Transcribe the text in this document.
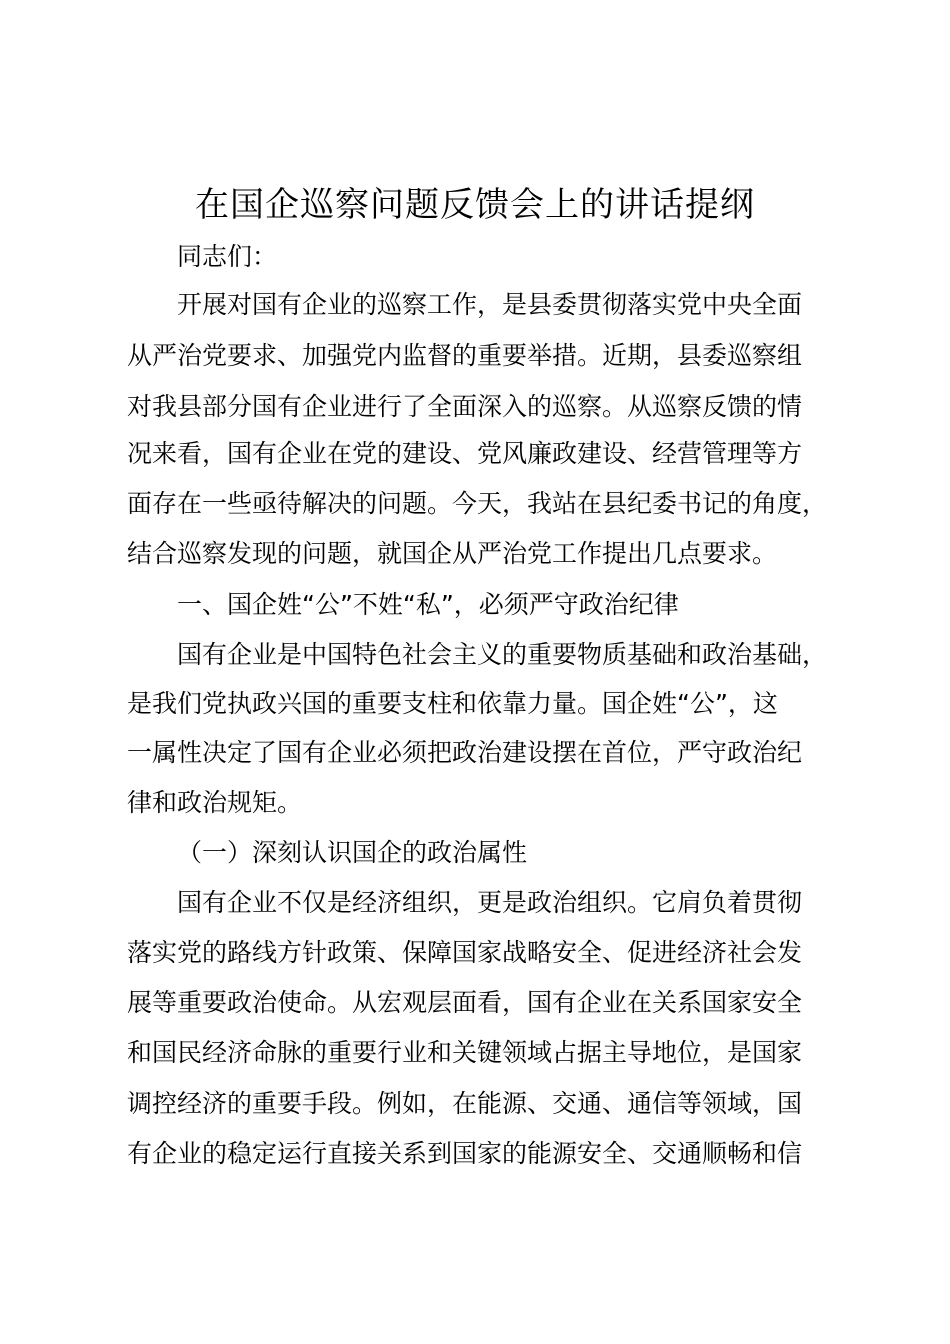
在国企巡察问题反馈会上的讲话提纲
同志们：
开展对国有企业的巡察工作，是县委贯彻落实党中央全面
从严治党要求、加强党内监督的重要举措。近期，县委巡察组
对我县部分国有企业进行了全面深入的巡察。从巡察反馈的情
况来看，国有企业在党的建设、党风廉政建设、经营管理等方
面存在一些亟待解决的问题。今天，我站在县纪委书记的角度，
结合巡察发现的问题，就国企从严治党工作提出几点要求。
一、国企姓“公”不姓“私”，必须严守政治纪律
国有企业是中国特色社会主义的重要物质基础和政治基础，
是我们党执政兴国的重要支柱和依靠力量。国企姓“公”，这
一属性决定了国有企业必须把政治建设摆在首位，严守政治纪
律和政治规矩。
（一）深刻认识国企的政治属性
国有企业不仅是经济组织，更是政治组织。它肩负着贯彻
落实党的路线方针政策、保障国家战略安全、促进经济社会发
展等重要政治使命。从宏观层面看，国有企业在关系国家安全
和国民经济命脉的重要行业和关键领域占据主导地位，是国家
调控经济的重要手段。例如，在能源、交通、通信等领域，国
有企业的稳定运行直接关系到国家的能源安全、交通顺畅和信
